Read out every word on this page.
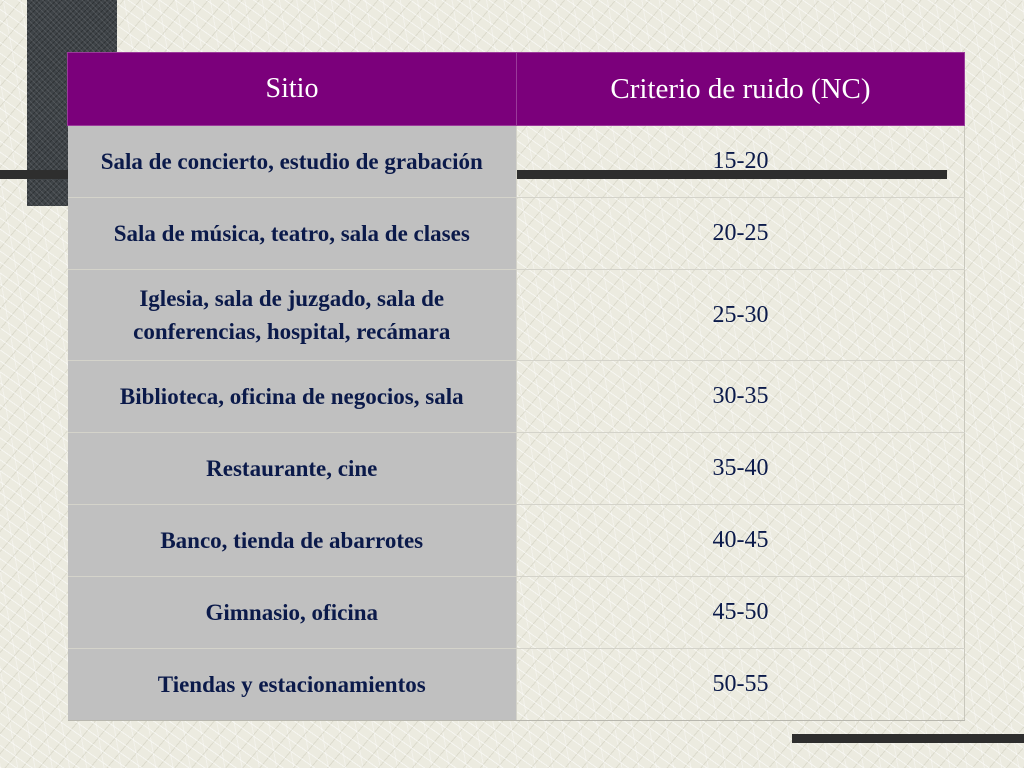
Sitio	Criterio de ruido (NC)
Sala de concierto, estudio de grabación	15-20
Sala de música, teatro, sala de clases	20-25
Iglesia, sala de juzgado, sala de conferencias, hospital, recámara	25-30
Biblioteca, oficina de negocios, sala	30-35
Restaurante, cine	35-40
Banco, tienda de abarrotes	40-45
Gimnasio, oficina	45-50
Tiendas y estacionamientos	50-55
